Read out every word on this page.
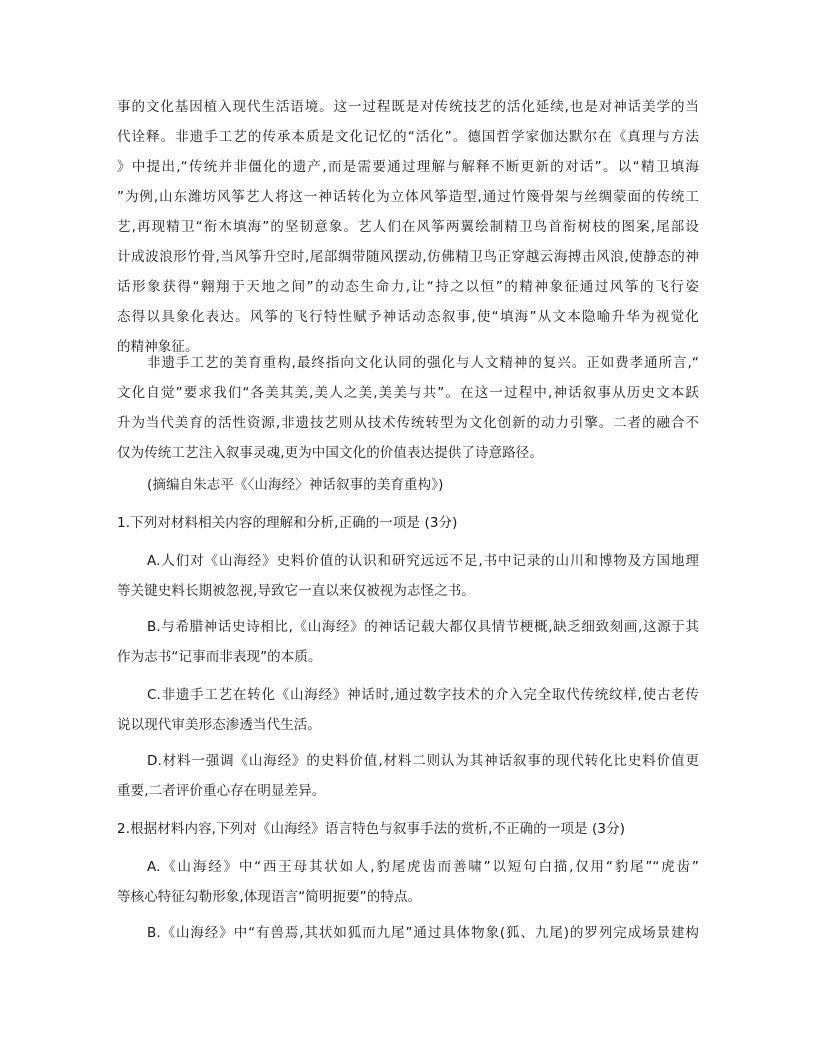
事的文化基因植入现代生活语境。这一过程既是对传统技艺的活化延续,也是对神话美学的当
代诠释。非遗手工艺的传承本质是文化记忆的“活化”。德国哲学家伽达默尔在《真理与方法
》中提出,“传统并非僵化的遗产,而是需要通过理解与解释不断更新的对话”。以“精卫填海
”为例,山东潍坊风筝艺人将这一神话转化为立体风筝造型,通过竹篾骨架与丝绸蒙面的传统工
艺,再现精卫“衔木填海”的坚韧意象。艺人们在风筝两翼绘制精卫鸟首衔树枝的图案,尾部设
计成波浪形竹骨,当风筝升空时,尾部绸带随风摆动,仿佛精卫鸟正穿越云海搏击风浪,使静态的神
话形象获得“翱翔于天地之间”的动态生命力,让“持之以恒”的精神象征通过风筝的飞行姿
态得以具象化表达。风筝的飞行特性赋予神话动态叙事,使“填海”从文本隐喻升华为视觉化
的精神象征。
非遗手工艺的美育重构,最终指向文化认同的强化与人文精神的复兴。正如费孝通所言,“
文化自觉”要求我们“各美其美,美人之美,美美与共”。在这一过程中,神话叙事从历史文本跃
升为当代美育的活性资源,非遗技艺则从技术传统转型为文化创新的动力引擎。二者的融合不
仅为传统工艺注入叙事灵魂,更为中国文化的价值表达提供了诗意路径。
(摘编自朱志平《〈山海经〉神话叙事的美育重构》)
1.下列对材料相关内容的理解和分析,正确的一项是 (3分)
A.人们对《山海经》史料价值的认识和研究远远不足,书中记录的山川和博物及方国地理
等关键史料长期被忽视,导致它一直以来仅被视为志怪之书。
B.与希腊神话史诗相比,《山海经》的神话记载大都仅具情节梗概,缺乏细致刻画,这源于其
作为志书“记事而非表现”的本质。
C.非遗手工艺在转化《山海经》神话时,通过数字技术的介入完全取代传统纹样,使古老传
说以现代审美形态渗透当代生活。
D.材料一强调《山海经》的史料价值,材料二则认为其神话叙事的现代转化比史料价值更
重要,二者评价重心存在明显差异。
2.根据材料内容,下列对《山海经》语言特色与叙事手法的赏析,不正确的一项是 (3分)
A.《山海经》中“西王母其状如人,豹尾虎齿而善啸”以短句白描,仅用“豹尾”“虎齿”
等核心特征勾勒形象,体现语言“简明扼要”的特点。
B.《山海经》中“有兽焉,其状如狐而九尾”通过具体物象(狐、九尾)的罗列完成场景建构
